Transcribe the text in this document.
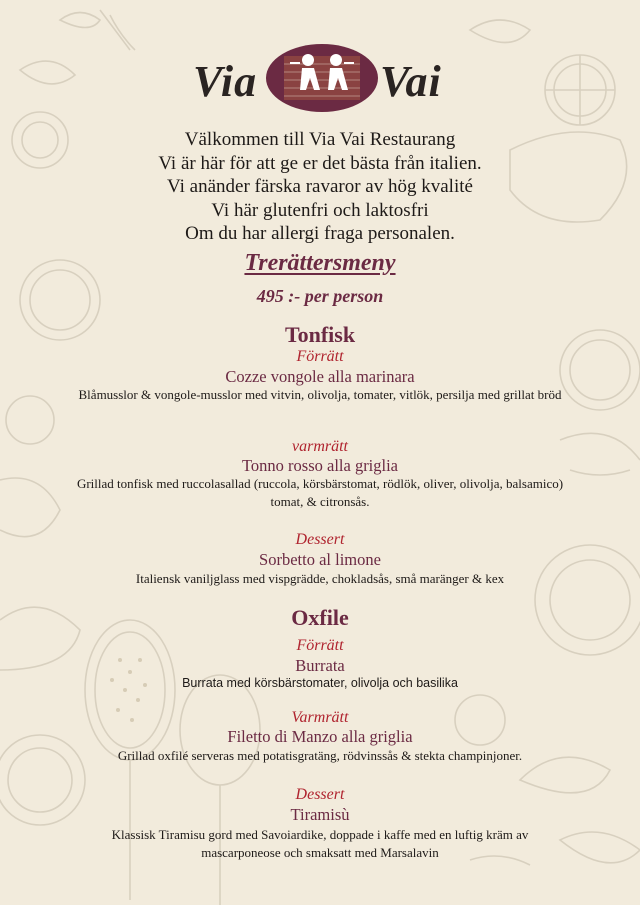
Via	Vai
Välkommen till Via Vai Restaurang
Vi är här för att ge er det bästa från italien.
Vi anänder färska ravaror av hög kvalité
Vi här glutenfri och laktosfri
Om du har allergi fraga personalen.
Trerättersmeny
495 :- per person
Tonfisk
Förrätt
Cozze vongole alla marinara
Blåmusslor & vongole-musslor med vitvin, olivolja, tomater, vitlök, persilja med grillat bröd
varmrätt
Tonno rosso alla griglia
Grillad tonfisk med ruccolasallad (ruccola, körsbärstomat, rödlök, oliver, olivolja, balsamico) tomat, & citronsås.
Dessert
Sorbetto al limone
Italiensk vaniljglass med vispgrädde, chokladsås, små maränger & kex
Oxfile
Förrätt
Burrata
Burrata med körsbärstomater, olivolja och basilika
Varmrätt
Filetto di Manzo alla griglia
Grillad oxfilé serveras med potatisgratäng, rödvinssås & stekta champinjoner.
Dessert
Tiramisù
Klassisk Tiramisu gord med Savoiardike, doppade i kaffe med en luftig kräm av mascarponeose och smaksatt med Marsalavin
